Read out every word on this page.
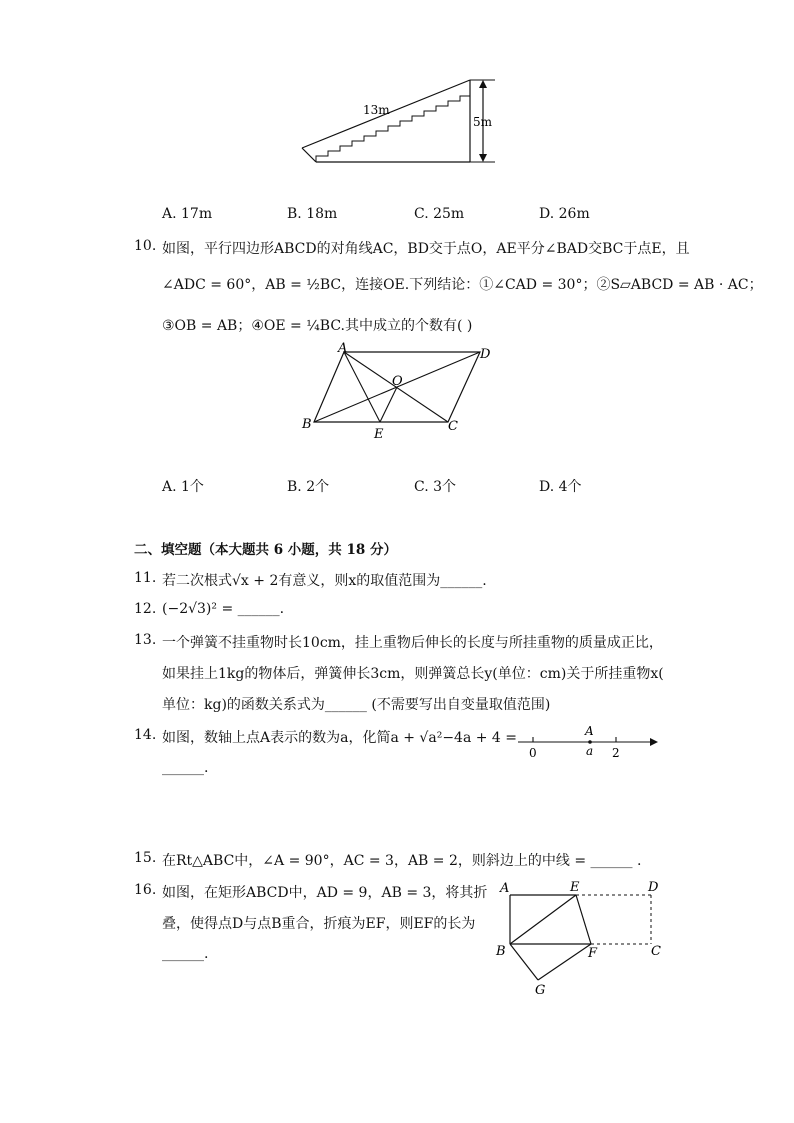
13m
5m
A. 17m	B. 18m	C. 25m	D. 26m
10. 如图，平行四边形ABCD的对角线AC，BD交于点O，AE平分∠BAD交BC于点E，且
∠ADC = 60°，AB = ½BC，连接OE.下列结论：①∠CAD = 30°；②S▱ABCD = AB · AC；
③OB = AB；④OE = ¼BC.其中成立的个数有( )
A	D
O
B
E
C
A. 1个	B. 2个	C. 3个	D. 4个
二、填空题（本大题共 6 小题，共 18 分）
11. 若二次根式√x + 2有意义，则x的取值范围为______.
12. (−2√3)² = ______.
13. 一个弹簧不挂重物时长10cm，挂上重物后伸长的长度与所挂重物的质量成正比，
如果挂上1kg的物体后，弹簧伸长3cm，则弹簧总长y(单位：cm)关于所挂重物x(
单位：kg)的函数关系式为______ (不需要写出自变量取值范围)
14. 如图，数轴上点A表示的数为a，化简a + √a²−4a + 4 =
______.
A
0	a 2
15. 在Rt△ABC中，∠A = 90°，AC = 3，AB = 2，则斜边上的中线 = ______ .
16. 如图，在矩形ABCD中，AD = 9，AB = 3，将其折
叠，使得点D与点B重合，折痕为EF，则EF的长为
______.
A	E	D
B	F	C
G
